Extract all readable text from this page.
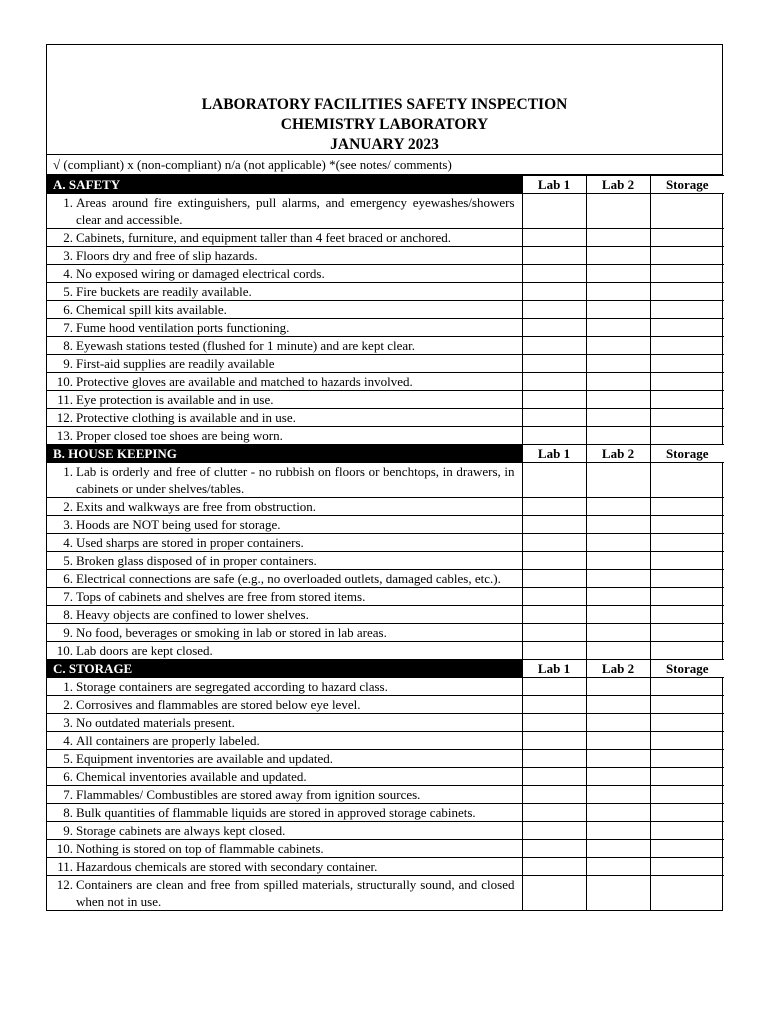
LABORATORY FACILITIES SAFETY INSPECTION
CHEMISTRY LABORATORY
JANUARY 2023
√ (compliant) x (non-compliant) n/a (not applicable) *(see notes/ comments)
A. SAFETY	Lab 1	Lab 2	Storage
1. Areas around fire extinguishers, pull alarms, and emergency eyewashes/showers clear and accessible.			
2. Cabinets, furniture, and equipment taller than 4 feet braced or anchored.			
3. Floors dry and free of slip hazards.			
4. No exposed wiring or damaged electrical cords.			
5. Fire buckets are readily available.			
6. Chemical spill kits available.			
7. Fume hood ventilation ports functioning.			
8. Eyewash stations tested (flushed for 1 minute) and are kept clear.			
9. First-aid supplies are readily available			
10. Protective gloves are available and matched to hazards involved.			
11. Eye protection is available and in use.			
12. Protective clothing is available and in use.			
13. Proper closed toe shoes are being worn.			
B. HOUSE KEEPING	Lab 1	Lab 2	Storage
1. Lab is orderly and free of clutter - no rubbish on floors or benchtops, in drawers, in cabinets or under shelves/tables.			
2. Exits and walkways are free from obstruction.			
3. Hoods are NOT being used for storage.			
4. Used sharps are stored in proper containers.			
5. Broken glass disposed of in proper containers.			
6. Electrical connections are safe (e.g., no overloaded outlets, damaged cables, etc.).			
7. Tops of cabinets and shelves are free from stored items.			
8. Heavy objects are confined to lower shelves.			
9. No food, beverages or smoking in lab or stored in lab areas.			
10. Lab doors are kept closed.			
C. STORAGE	Lab 1	Lab 2	Storage
1. Storage containers are segregated according to hazard class.			
2. Corrosives and flammables are stored below eye level.			
3. No outdated materials present.			
4. All containers are properly labeled.			
5. Equipment inventories are available and updated.			
6. Chemical inventories available and updated.			
7. Flammables/ Combustibles are stored away from ignition sources.			
8. Bulk quantities of flammable liquids are stored in approved storage cabinets.			
9. Storage cabinets are always kept closed.			
10. Nothing is stored on top of flammable cabinets.			
11. Hazardous chemicals are stored with secondary container.			
12. Containers are clean and free from spilled materials, structurally sound, and closed when not in use.			
